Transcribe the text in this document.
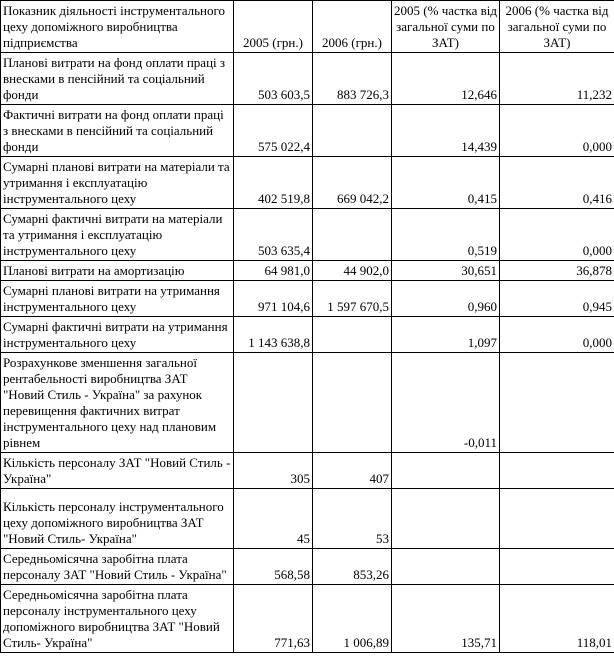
Показник діяльності інструментального цеху допоміжного виробництва підприємства	2005 (грн.)	2006 (грн.)	2005 (% частка від загальної суми по ЗАТ)	2006 (% частка від загальної суми по ЗАТ)
Планові витрати на фонд оплати праці з внесками в пенсійний та соціальний фонди	503 603,5	883 726,3	12,646	11,232
Фактичні витрати на фонд оплати праці з внесками в пенсійний та соціальний фонди	575 022,4		14,439	0,000
Сумарні планові витрати на матеріали та утримання і експлуатацію інструментального цеху	402 519,8	669 042,2	0,415	0,416
Сумарні фактичні витрати на матеріали та утримання і експлуатацію інструментального цеху	503 635,4		0,519	0,000
Планові витрати на амортизацію	64 981,0	44 902,0	30,651	36,878
Сумарні планові витрати на утримання інструментального цеху	971 104,6	1 597 670,5	0,960	0,945
Сумарні фактичні витрати на утримання інструментального цеху	1 143 638,8		1,097	0,000
Розрахункове зменшення загальної рентабельності виробництва ЗАТ "Новий Стиль - Україна" за рахунок перевищення фактичних витрат інструментального цеху над плановим рівнем			-0,011	
Кількість персоналу ЗАТ "Новий Стиль - Україна"	305	407		
Кількість персоналу інструментального цеху допоміжного виробництва ЗАТ "Новий Стиль- Україна"	45	53		
Середньомісячна заробітна плата персоналу ЗАТ "Новий Стиль - Україна"	568,58	853,26		
Середньомісячна заробітна плата персоналу інструментального цеху допоміжного виробництва ЗАТ "Новий Стиль- Україна"	771,63	1 006,89	135,71	118,01
